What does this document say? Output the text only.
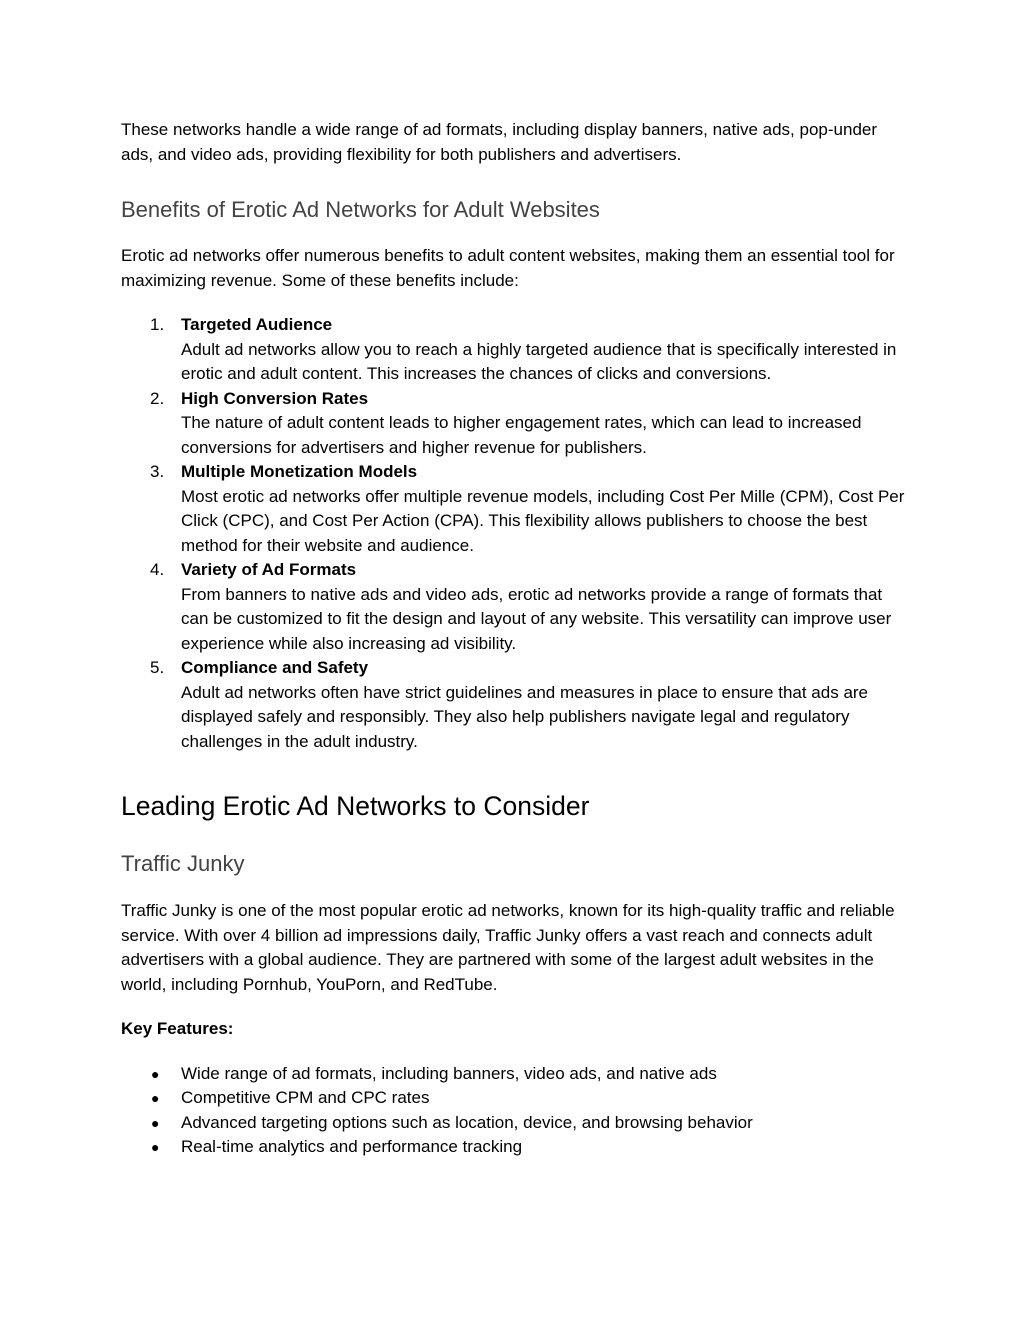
These networks handle a wide range of ad formats, including display banners, native ads, pop-under ads, and video ads, providing flexibility for both publishers and advertisers.

Benefits of Erotic Ad Networks for Adult Websites

Erotic ad networks offer numerous benefits to adult content websites, making them an essential tool for maximizing revenue. Some of these benefits include:

1. Targeted Audience
Adult ad networks allow you to reach a highly targeted audience that is specifically interested in erotic and adult content. This increases the chances of clicks and conversions.
2. High Conversion Rates
The nature of adult content leads to higher engagement rates, which can lead to increased conversions for advertisers and higher revenue for publishers.
3. Multiple Monetization Models
Most erotic ad networks offer multiple revenue models, including Cost Per Mille (CPM), Cost Per Click (CPC), and Cost Per Action (CPA). This flexibility allows publishers to choose the best method for their website and audience.
4. Variety of Ad Formats
From banners to native ads and video ads, erotic ad networks provide a range of formats that can be customized to fit the design and layout of any website. This versatility can improve user experience while also increasing ad visibility.
5. Compliance and Safety
Adult ad networks often have strict guidelines and measures in place to ensure that ads are displayed safely and responsibly. They also help publishers navigate legal and regulatory challenges in the adult industry.
Leading Erotic Ad Networks to Consider
Traffic Junky

Traffic Junky is one of the most popular erotic ad networks, known for its high-quality traffic and reliable service. With over 4 billion ad impressions daily, Traffic Junky offers a vast reach and connects adult advertisers with a global audience. They are partnered with some of the largest adult websites in the world, including Pornhub, YouPorn, and RedTube.

Key Features:

● Wide range of ad formats, including banners, video ads, and native ads
● Competitive CPM and CPC rates
● Advanced targeting options such as location, device, and browsing behavior
● Real-time analytics and performance tracking
